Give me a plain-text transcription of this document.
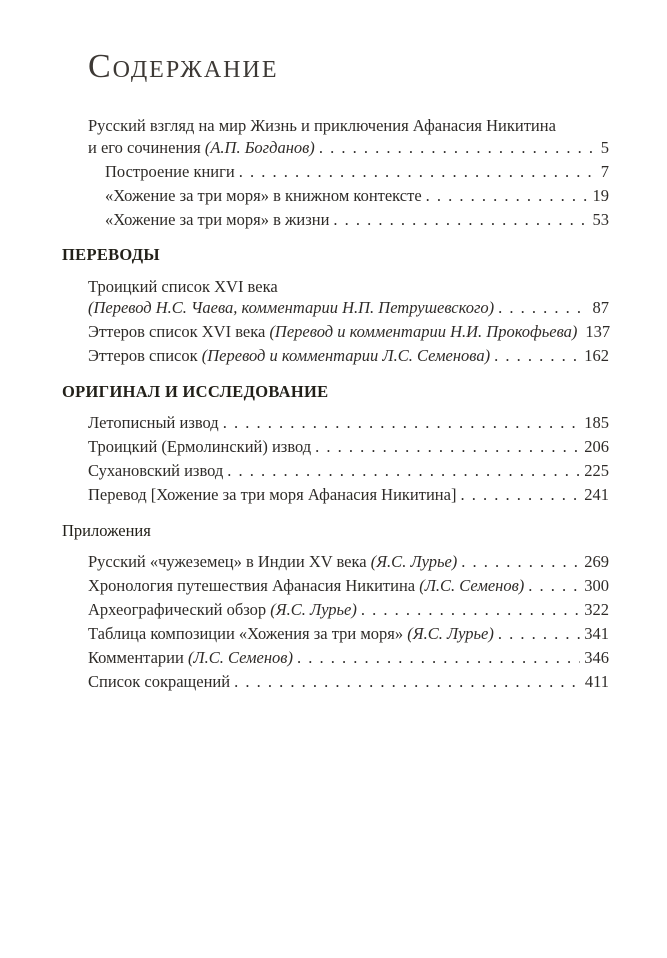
Содержание
Русский взгляд на мир Жизнь и приключения Афанасия Никитина
и его сочинения (А.П. Богданов) . . .	5
Построение книги . . .	7
«Хожение за три моря» в книжном контексте . . .	19
«Хожение за три моря» в жизни . . .	53
ПЕРЕВОДЫ
Троицкий список XVI века
(Перевод Н.С. Чаева, комментарии Н.П. Петрушевского) . . .	87
Эттеров список XVI века (Перевод и комментарии Н.И. Прокофьева) 137
Эттеров список (Перевод и комментарии Л.С. Семенова) . . .	162
ОРИГИНАЛ И ИССЛЕДОВАНИЕ
Летописный извод . . .	185
Троицкий (Ермолинский) извод . . .	206
Сухановский извод . . .	225
Перевод [Хожение за три моря Афанасия Никитина] . . .	241
Приложения
Русский «чужеземец» в Индии XV века (Я.С. Лурье) . . .	269
Хронология путешествия Афанасия Никитина (Л.С. Семенов) . . .	300
Археографический обзор (Я.С. Лурье) . . .	322
Таблица композиции «Хожения за три моря» (Я.С. Лурье) . . .	341
Комментарии (Л.С. Семенов) . . .	346
Список сокращений . . .	411
